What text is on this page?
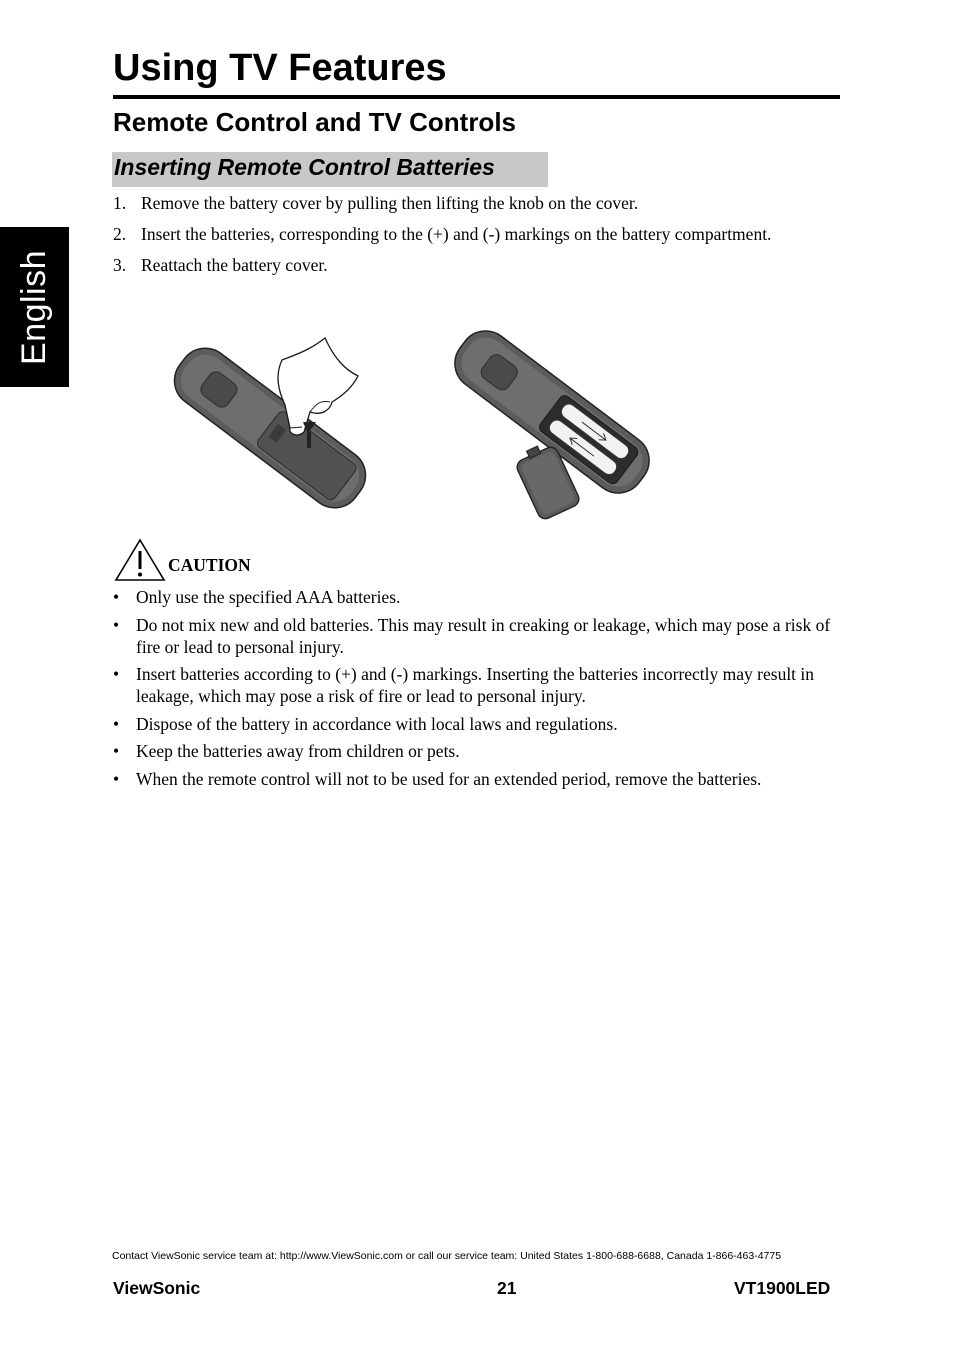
English
Using TV Features
Remote Control and TV Controls
Inserting Remote Control Batteries
1. Remove the battery cover by pulling then lifting the knob on the cover.
2. Insert the batteries, corresponding to the (+) and (-) markings on the battery compartment.
3. Reattach the battery cover.
CAUTION
• Only use the specified AAA batteries.
• Do not mix new and old batteries. This may result in creaking or leakage, which may pose a risk of fire or lead to personal injury.
• Insert batteries according to (+) and (-) markings. Inserting the batteries incorrectly may result in leakage, which may pose a risk of fire or lead to personal injury.
• Dispose of the battery in accordance with local laws and regulations.
• Keep the batteries away from children or pets.
• When the remote control will not to be used for an extended period, remove the batteries.

Contact ViewSonic service team at: http://www.ViewSonic.com or call our service team: United States 1-800-688-6688, Canada 1-866-463-4775

ViewSonic	21	VT1900LED
